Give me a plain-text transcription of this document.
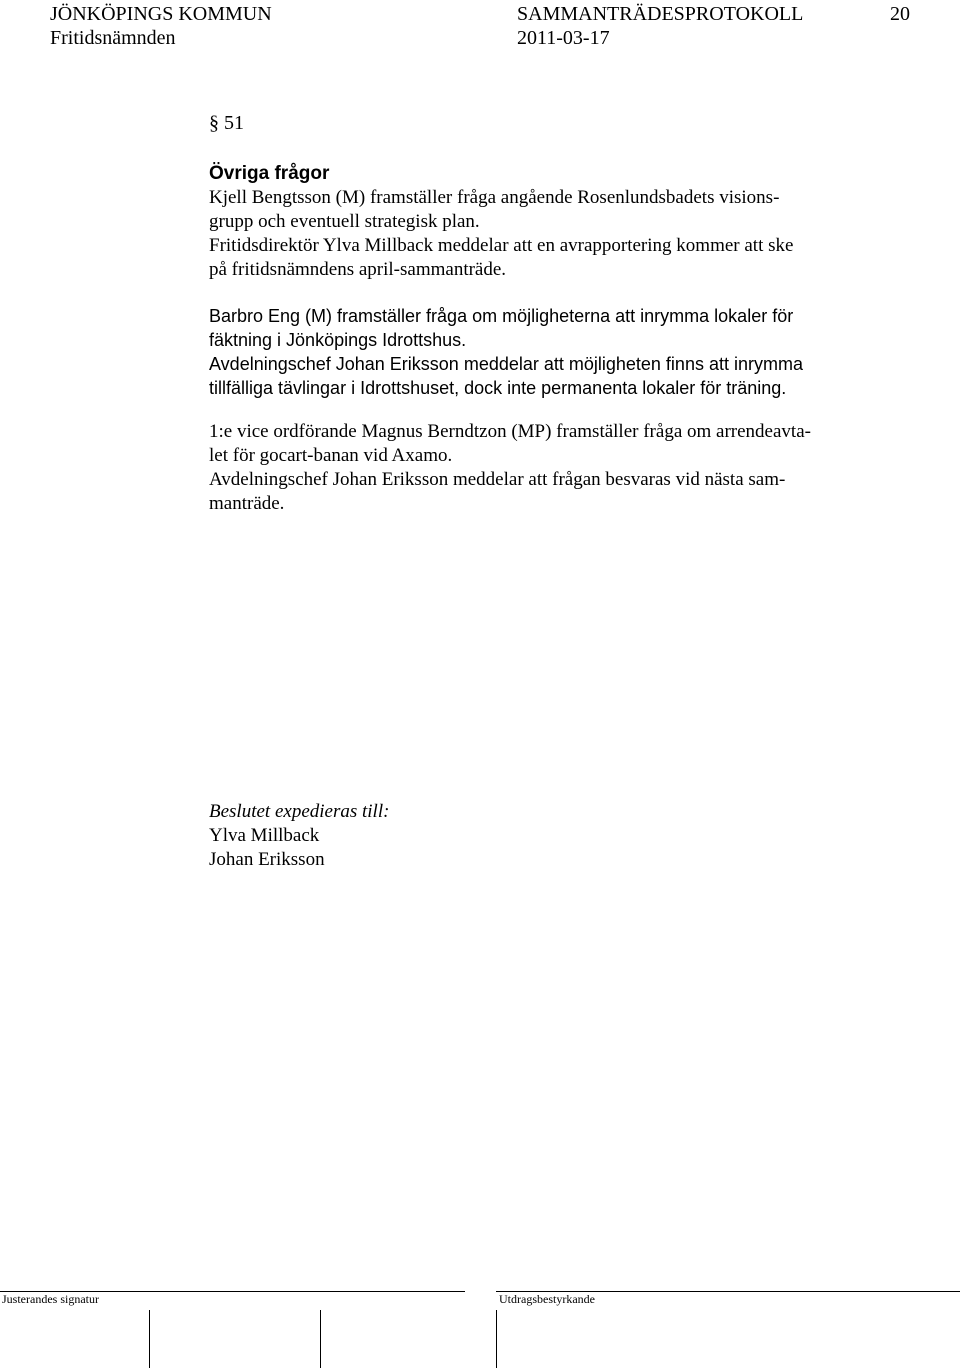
JÖNKÖPINGS KOMMUN	SAMMANTRÄDESPROTOKOLL	20
Fritidsnämnden	2011-03-17
§ 51
Övriga frågor

Kjell Bengtsson (M) framställer fråga angående Rosenlundsbadets visions-

grupp och eventuell strategisk plan.

Fritidsdirektör Ylva Millback meddelar att en avrapportering kommer att ske

på fritidsnämndens april-sammanträde.

Barbro Eng (M) framställer fråga om möjligheterna att inrymma lokaler för

fäktning i Jönköpings Idrottshus.

Avdelningschef Johan Eriksson meddelar att möjligheten finns att inrymma

tillfälliga tävlingar i Idrottshuset, dock inte permanenta lokaler för träning.

1:e vice ordförande Magnus Berndtzon (MP) framställer fråga om arrendeavta-

let för gocart-banan vid Axamo.

Avdelningschef Johan Eriksson meddelar att frågan besvaras vid nästa sam-

manträde.

Beslutet expedieras till:
Ylva Millback
Johan Eriksson
Justerandes signatur	Utdragsbestyrkande
